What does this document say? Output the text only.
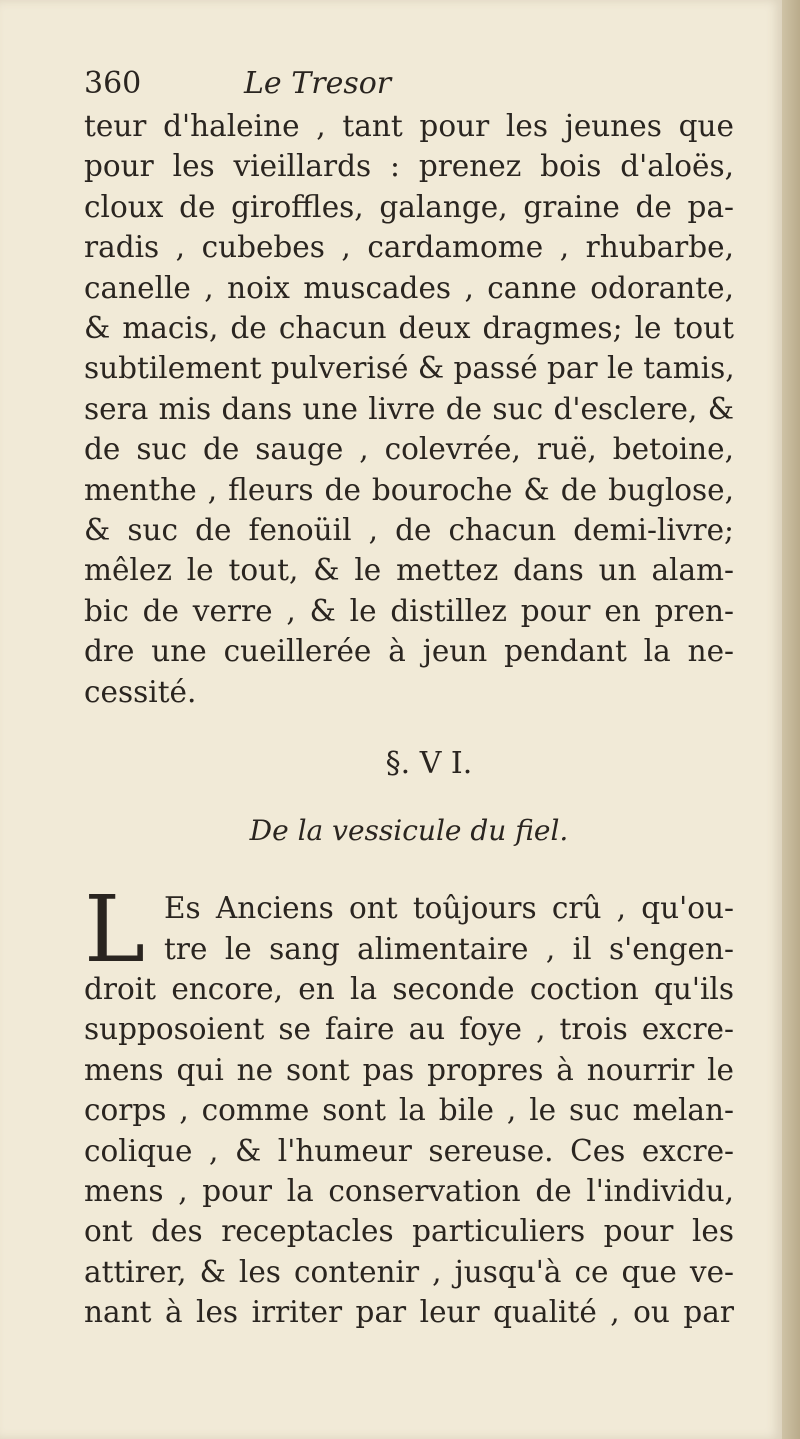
360	Le Tresor

teur d'haleine , tant pour les jeunes que
pour les vieillards : prenez bois d'aloës,
cloux de giroffles, galange, graine de pa-
radis , cubebes , cardamome , rhubarbe,
canelle , noix muscades , canne odorante,
& macis, de chacun deux dragmes; le tout
subtilement pulverisé & passé par le tamis,
sera mis dans une livre de suc d'esclere, &
de suc de sauge , colevrée, ruë, betoine,
menthe , fleurs de bouroche & de buglose,
& suc de fenoüil , de chacun demi-livre;
mêlez le tout, & le mettez dans un alam-
bic de verre , & le distillez pour en pren-
dre une cueillerée à jeun pendant la ne-
cessité.

§. V I.
De la vessicule du fiel.
L Es Anciens ont toûjours crû , qu'ou-
tre le sang alimentaire , il s'engen-
droit encore, en la seconde coction qu'ils
supposoient se faire au foye , trois excre-
mens qui ne sont pas propres à nourrir le
corps , comme sont la bile , le suc melan-
colique , & l'humeur sereuse. Ces excre-
mens , pour la conservation de l'individu,
ont des receptacles particuliers pour les
attirer, & les contenir , jusqu'à ce que ve-
nant à les irriter par leur qualité , ou par
